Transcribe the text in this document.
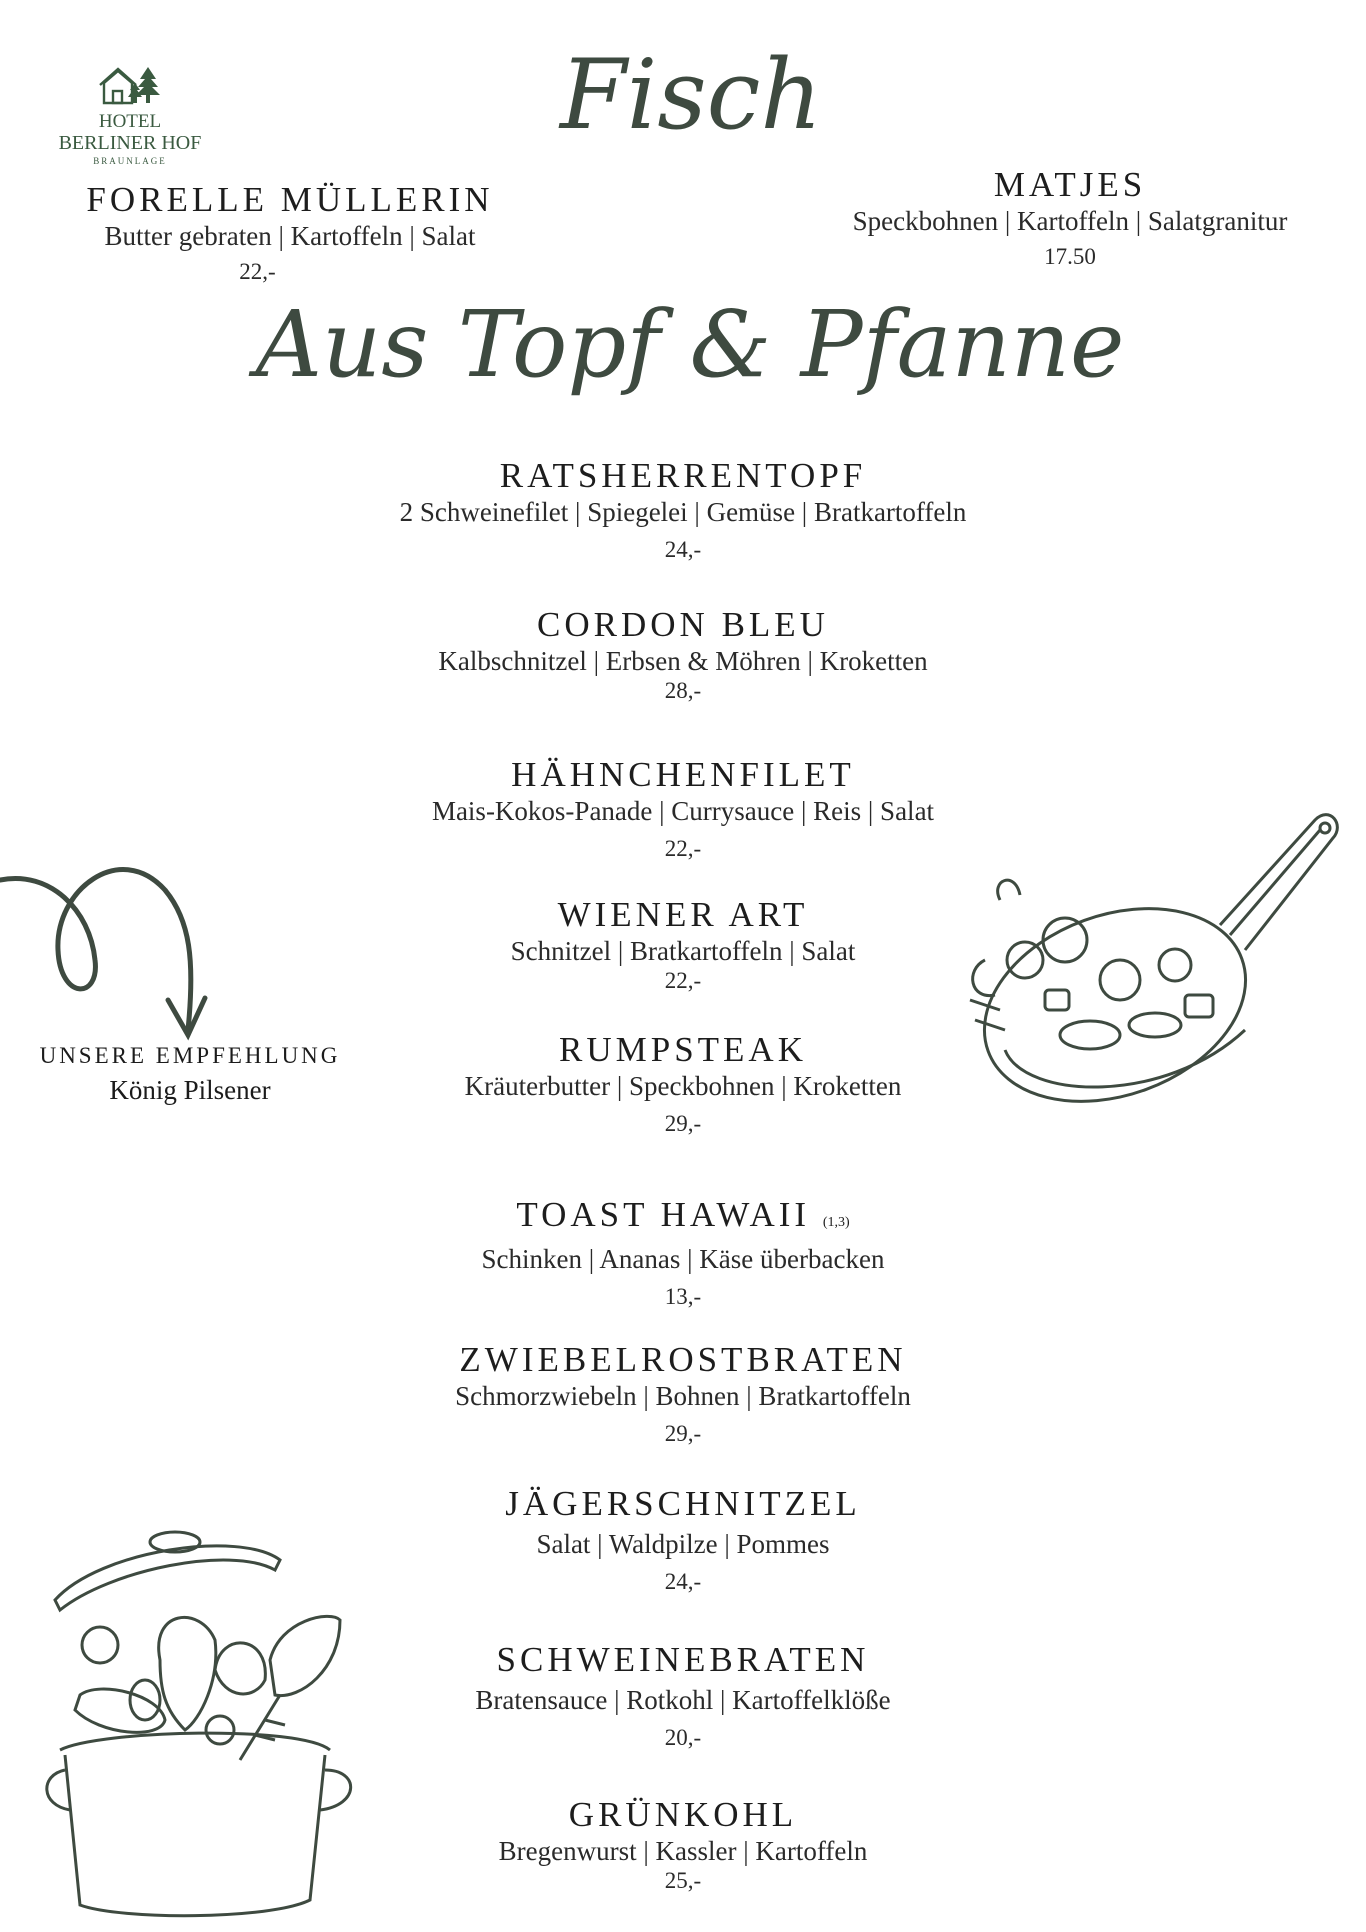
HOTEL
BERLINER HOF
BRAUNLAGE
Fisch
FORELLE MÜLLERIN
Butter gebraten | Kartoffeln | Salat
22,-
MATJES
Speckbohnen | Kartoffeln | Salatgranitur
17.50
Aus Topf & Pfanne
RATSHERRENTOPF
2 Schweinefilet | Spiegelei | Gemüse | Bratkartoffeln
24,-
CORDON BLEU
Kalbschnitzel | Erbsen & Möhren | Kroketten
28,-
HÄHNCHENFILET
Mais-Kokos-Panade | Currysauce | Reis | Salat
22,-
WIENER ART
Schnitzel | Bratkartoffeln | Salat
22,-
RUMPSTEAK
Kräuterbutter | Speckbohnen | Kroketten
29,-
TOAST HAWAII (1,3)
Schinken | Ananas | Käse überbacken
13,-
ZWIEBELROSTBRATEN
Schmorzwiebeln | Bohnen | Bratkartoffeln
29,-
JÄGERSCHNITZEL
Salat | Waldpilze | Pommes
24,-
SCHWEINEBRATEN
Bratensauce | Rotkohl | Kartoffelklöße
20,-
GRÜNKOHL
Bregenwurst | Kassler | Kartoffeln
25,-
UNSERE EMPFEHLUNG
König Pilsener
